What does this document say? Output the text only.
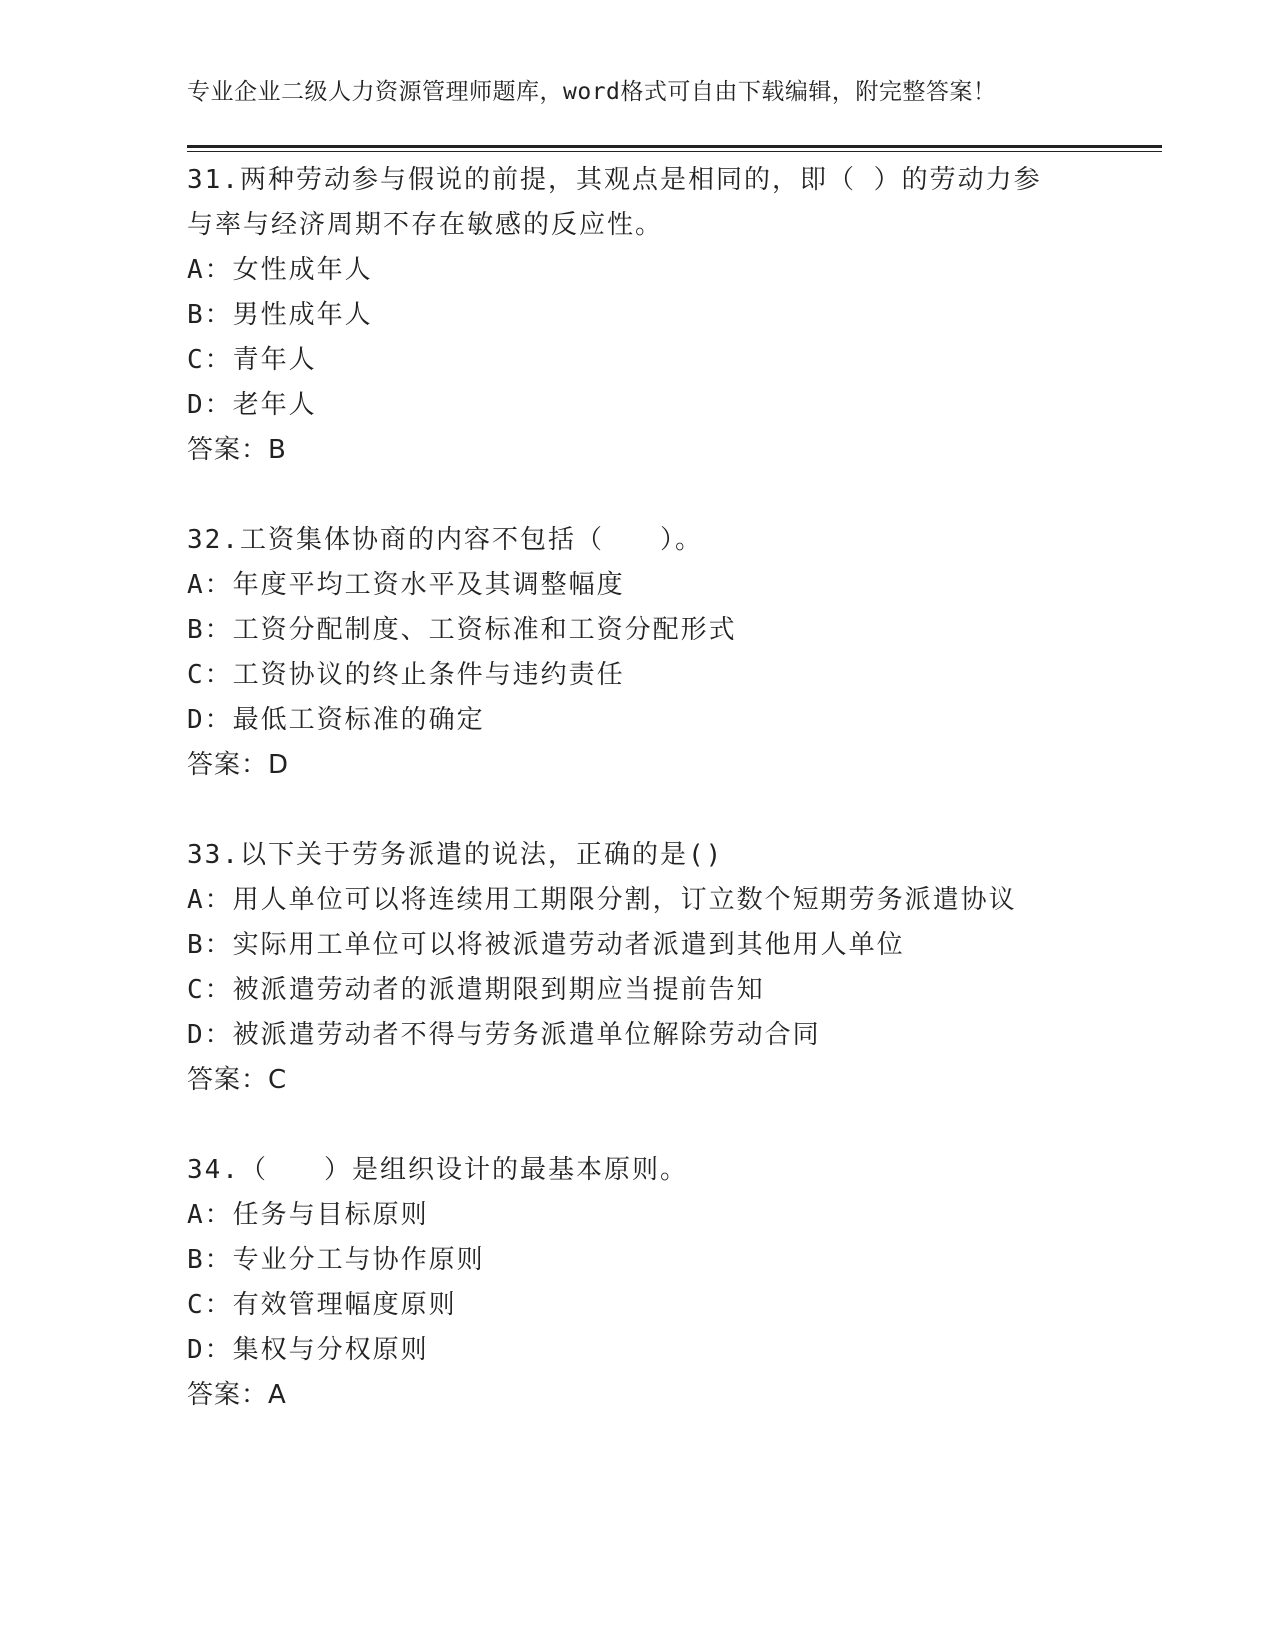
专业企业二级人力资源管理师题库，word格式可自由下载编辑，附完整答案！
31.两种劳动参与假说的前提，其观点是相同的，即（ ）的劳动力参
与率与经济周期不存在敏感的反应性。
A：女性成年人
B：男性成年人
C：青年人
D：老年人
答案：B
32.工资集体协商的内容不包括（　　）。
A：年度平均工资水平及其调整幅度
B：工资分配制度、工资标准和工资分配形式
C：工资协议的终止条件与违约责任
D：最低工资标准的确定
答案：D
33.以下关于劳务派遣的说法，正确的是()
A：用人单位可以将连续用工期限分割，订立数个短期劳务派遣协议
B：实际用工单位可以将被派遣劳动者派遣到其他用人单位
C：被派遣劳动者的派遣期限到期应当提前告知
D：被派遣劳动者不得与劳务派遣单位解除劳动合同
答案：C
34.（　　）是组织设计的最基本原则。
A：任务与目标原则
B：专业分工与协作原则
C：有效管理幅度原则
D：集权与分权原则
答案：A
